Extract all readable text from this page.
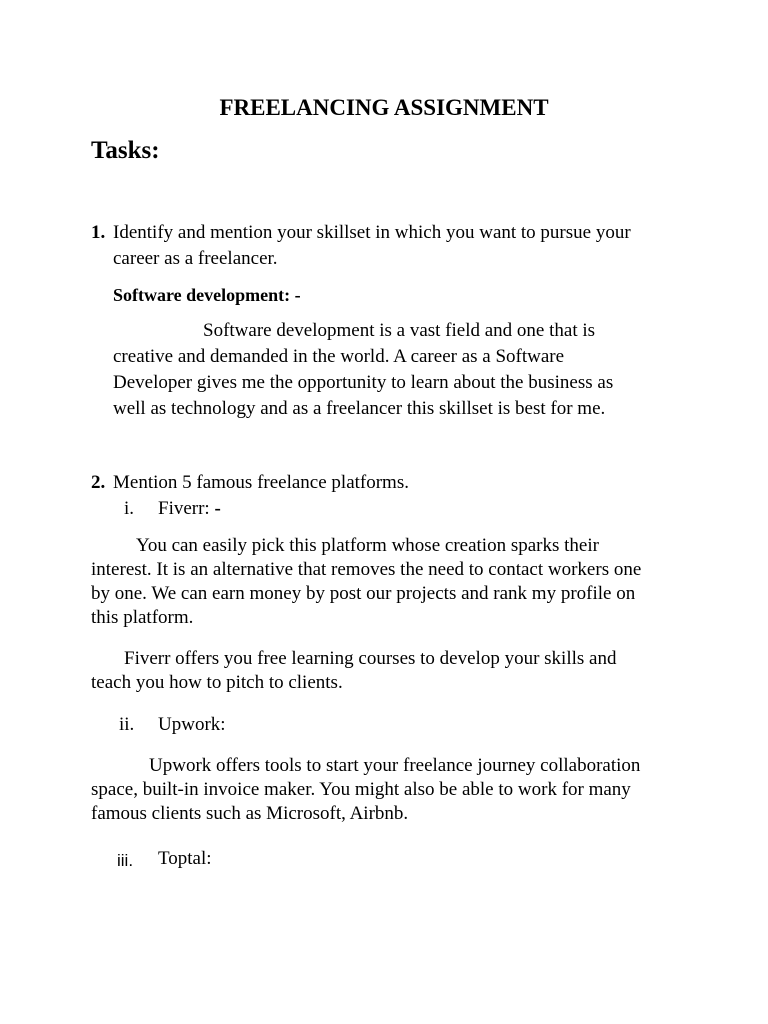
FREELANCING ASSIGNMENT
Tasks:
1. Identify and mention your skillset in which you want to pursue your
career as a freelancer.
Software development: -
Software development is a vast field and one that is
creative and demanded in the world. A career as a Software
Developer gives me the opportunity to learn about the business as
well as technology and as a freelancer this skillset is best for me.
2. Mention 5 famous freelance platforms.
i. Fiverr: -
You can easily pick this platform whose creation sparks their
interest. It is an alternative that removes the need to contact workers one
by one. We can earn money by post our projects and rank my profile on
this platform.
Fiverr offers you free learning courses to develop your skills and
teach you how to pitch to clients.
ii. Upwork:
Upwork offers tools to start your freelance journey collaboration
space, built-in invoice maker. You might also be able to work for many
famous clients such as Microsoft, Airbnb.
iii. Toptal:
